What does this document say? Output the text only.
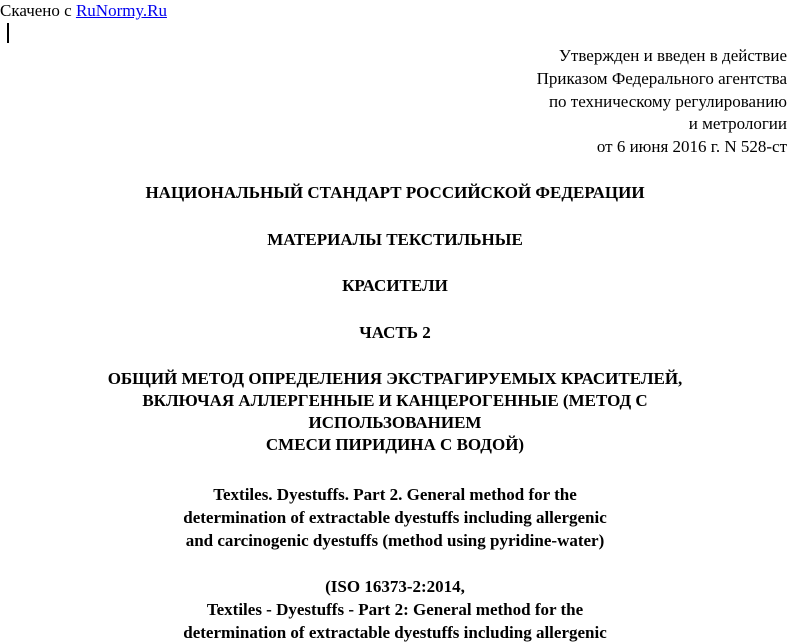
Скачено с RuNormy.Ru
Утвержден и введен в действие
Приказом Федерального агентства
по техническому регулированию
и метрологии
от 6 июня 2016 г. N 528-ст
НАЦИОНАЛЬНЫЙ СТАНДАРТ РОССИЙСКОЙ ФЕДЕРАЦИИ
МАТЕРИАЛЫ ТЕКСТИЛЬНЫЕ
КРАСИТЕЛИ
ЧАСТЬ 2
ОБЩИЙ МЕТОД ОПРЕДЕЛЕНИЯ ЭКСТРАГИРУЕМЫХ КРАСИТЕЛЕЙ,
ВКЛЮЧАЯ АЛЛЕРГЕННЫЕ И КАНЦЕРОГЕННЫЕ (МЕТОД С
ИСПОЛЬЗОВАНИЕМ
СМЕСИ ПИРИДИНА С ВОДОЙ)
Textiles. Dyestuffs. Part 2. General method for the
determination of extractable dyestuffs including allergenic
and carcinogenic dyestuffs (method using pyridine-water)
(ISO 16373-2:2014,
Textiles - Dyestuffs - Part 2: General method for the
determination of extractable dyestuffs including allergenic
